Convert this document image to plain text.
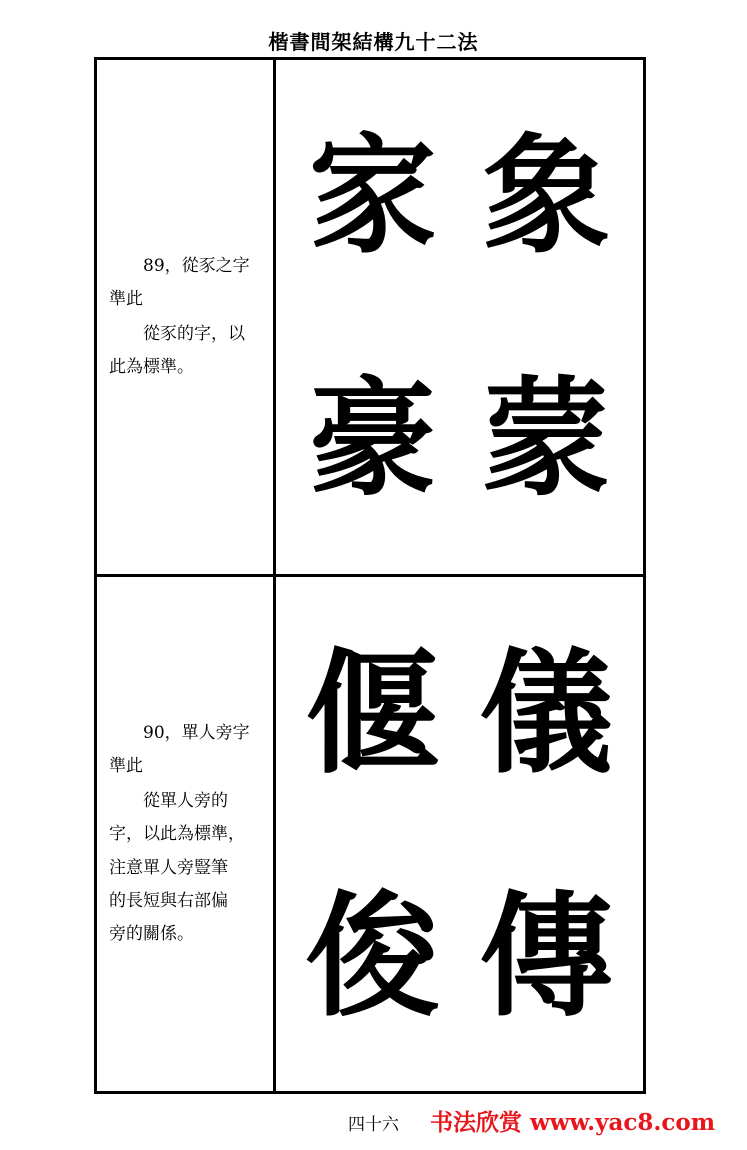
楷書間架結構九十二法
89，從豕之字
準此
從豕的字，以
此為標準。
家 象
豪 蒙
90，單人旁字
準此
從單人旁的
字，以此為標準，
注意單人旁豎筆
的長短與右部偏
旁的關係。
偃 儀
俊 傳
四十六	书法欣赏 www.yac8.com
